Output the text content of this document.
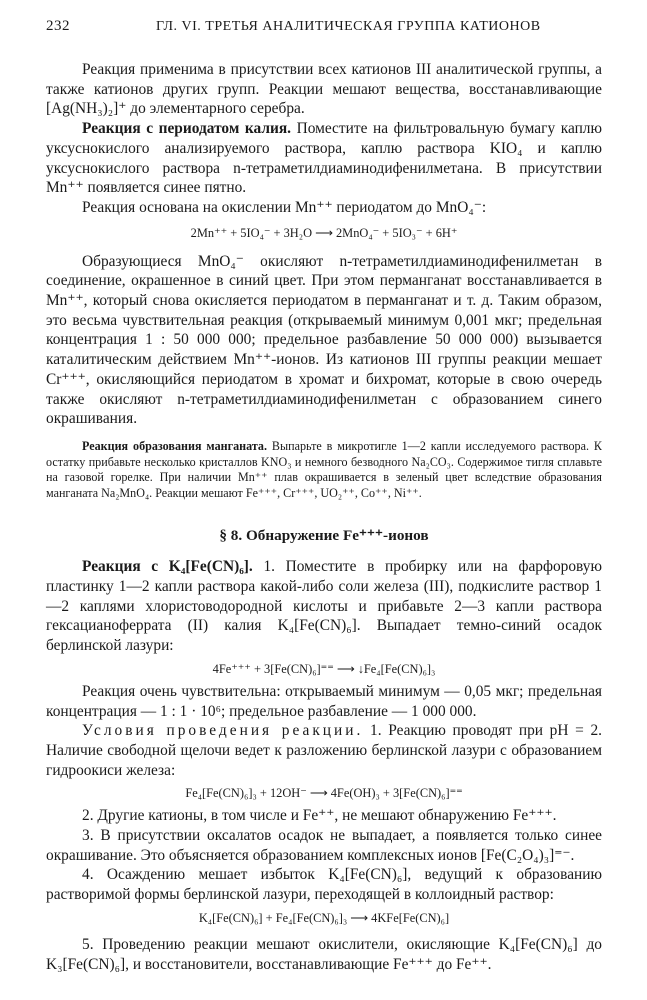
232	ГЛ. VI. ТРЕТЬЯ АНАЛИТИЧЕСКАЯ ГРУППА КАТИОНОВ

Реакция применима в присутствии всех катионов III аналитической группы, а также катионов других групп. Реакции мешают вещества, восстанавливающие [Ag(NH₃)₂]⁺ до элементарного серебра.

Реакция с периодатом калия. Поместите на фильтровальную бумагу каплю уксуснокислого анализируемого раствора, каплю раствора KIO₄ и каплю уксуснокислого раствора n-тетраметилдиаминодифенилметана. В присутствии Mn⁺⁺ появляется синее пятно.

Реакция основана на окислении Mn⁺⁺ периодатом до MnO₄⁻:

2Mn⁺⁺ + 5IO₄⁻ + 3H₂O ⟶ 2MnO₄⁻ + 5IO₃⁻ + 6H⁺

Образующиеся MnO₄⁻ окисляют n-тетраметилдиаминодифенилметан в соединение, окрашенное в синий цвет. При этом перманганат восстанавливается в Mn⁺⁺, который снова окисляется периодатом в перманганат и т. д. Таким образом, это весьма чувствительная реакция (открываемый минимум 0,001 мкг; предельная концентрация 1 : 50 000 000; предельное разбавление 50 000 000) вызывается каталитическим действием Mn⁺⁺-ионов. Из катионов III группы реакции мешает Cr⁺⁺⁺, окисляющийся периодатом в хромат и бихромат, которые в свою очередь также окисляют n-тетраметилдиаминодифенилметан с образованием синего окрашивания.

Реакция образования манганата. Выпарьте в микротигле 1—2 капли исследуемого раствора. К остатку прибавьте несколько кристаллов KNO₃ и немного безводного Na₂CO₃. Содержимое тигля сплавьте на газовой горелке. При наличии Mn⁺⁺ плав окрашивается в зеленый цвет вследствие образования манганата Na₂MnO₄. Реакции мешают Fe⁺⁺⁺, Cr⁺⁺⁺, UO₂⁺⁺, Co⁺⁺, Ni⁺⁺.

§ 8. Обнаружение Fe⁺⁺⁺-ионов

Реакция с K₄[Fe(CN)₆]. 1. Поместите в пробирку или на фарфоровую пластинку 1—2 капли раствора какой-либо соли железа (III), подкислите раствор 1—2 каплями хлористоводородной кислоты и прибавьте 2—3 капли раствора гексацианоферрата (II) калия K₄[Fe(CN)₆]. Выпадает темно-синий осадок берлинской лазури:

4Fe⁺⁺⁺ + 3[Fe(CN)₆]⁼⁼ ⟶ ↓Fe₄[Fe(CN)₆]₃

Реакция очень чувствительна: открываемый минимум — 0,05 мкг; предельная концентрация — 1 : 1 · 10⁶; предельное разбавление — 1 000 000.

Условия проведения реакции. 1. Реакцию проводят при pH = 2. Наличие свободной щелочи ведет к разложению берлинской лазури с образованием гидроокиси железа:

Fe₄[Fe(CN)₆]₃ + 12OH⁻ ⟶ 4Fe(OH)₃ + 3[Fe(CN)₆]⁼⁼

2. Другие катионы, в том числе и Fe⁺⁺, не мешают обнаружению Fe⁺⁺⁺.

3. В присутствии оксалатов осадок не выпадает, а появляется только синее окрашивание. Это объясняется образованием комплексных ионов [Fe(C₂O₄)₃]⁼⁻.

4. Осаждению мешает избыток K₄[Fe(CN)₆], ведущий к образованию растворимой формы берлинской лазури, переходящей в коллоидный раствор:

K₄[Fe(CN)₆] + Fe₄[Fe(CN)₆]₃ ⟶ 4KFe[Fe(CN)₆]

5. Проведению реакции мешают окислители, окисляющие K₄[Fe(CN)₆] до K₃[Fe(CN)₆], и восстановители, восстанавливающие Fe⁺⁺⁺ до Fe⁺⁺.
